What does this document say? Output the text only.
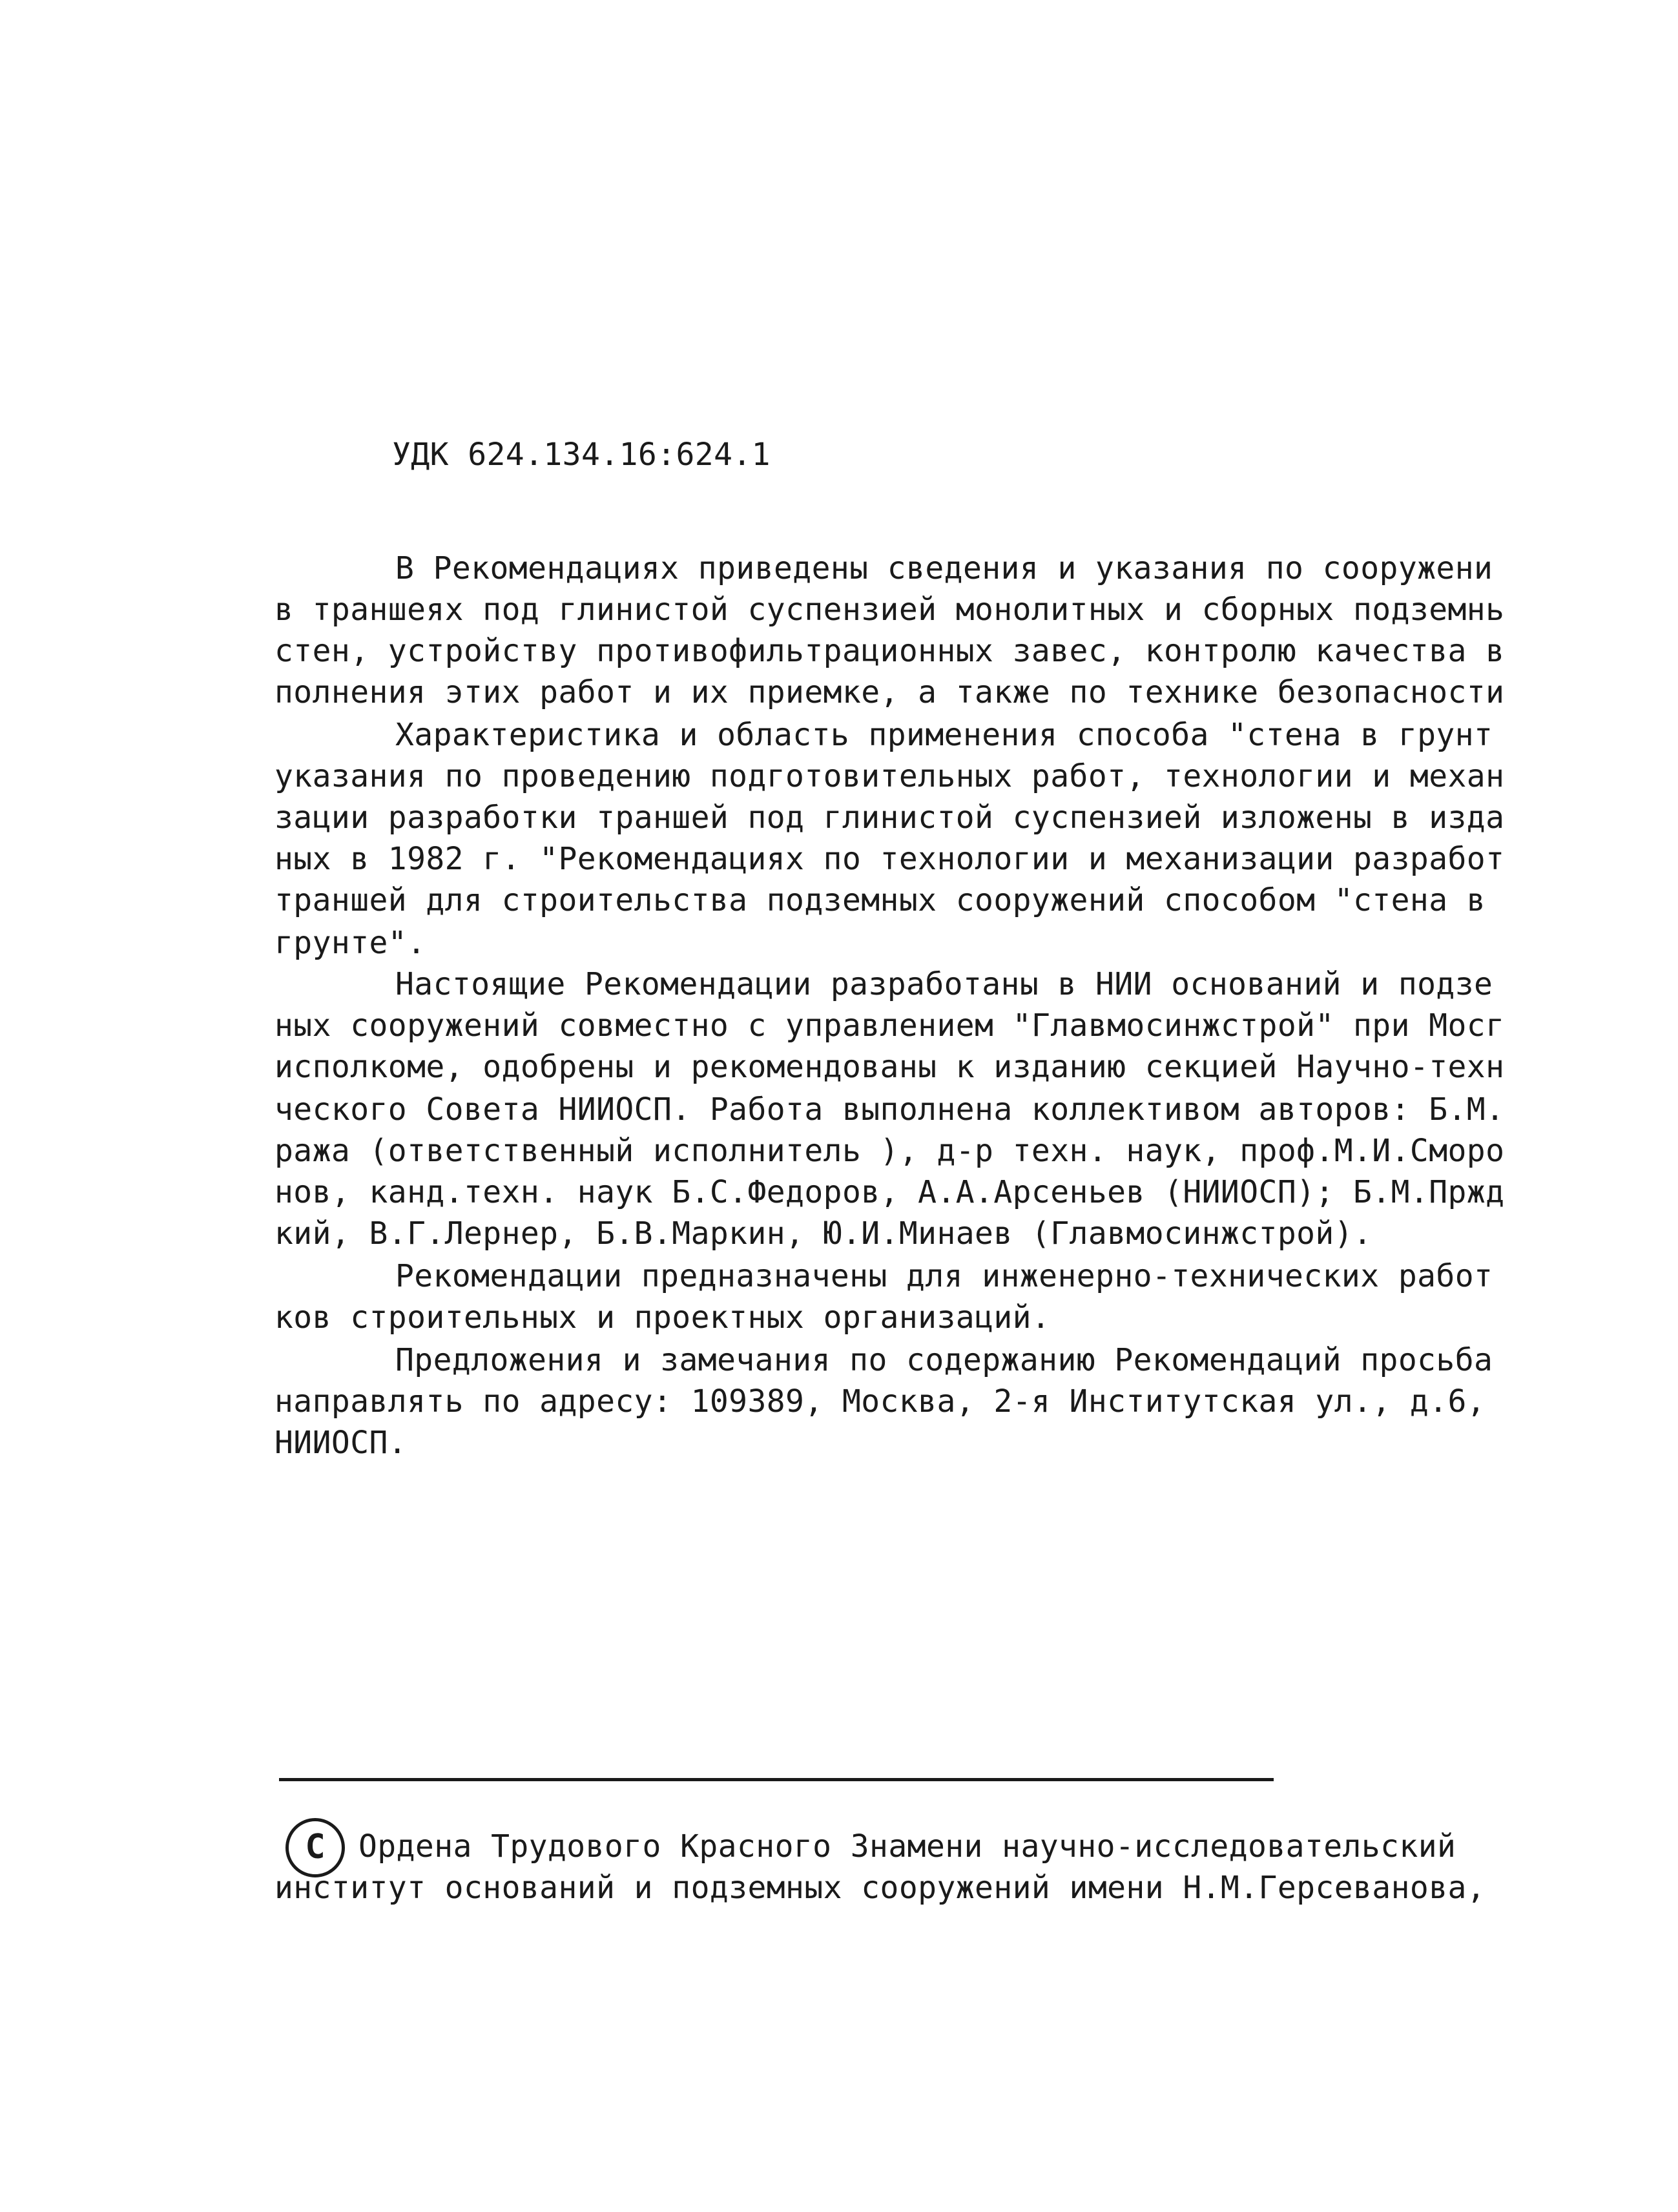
УДК 624.134.16:624.1
В Рекомендациях приведены сведения и указания по сооружени
в траншеях под глинистой суспензией монолитных и сборных подземнь
стен, устройству противофильтрационных завес, контролю качества в
полнения этих работ и их приемке, а также по технике безопасности
Характеристика и область применения способа "стена в грунт
указания по проведению подготовительных работ, технологии и механ
зации разработки траншей под глинистой суспензией изложены в изда
ных в 1982 г. "Рекомендациях по технологии и механизации разработ
траншей для строительства подземных сооружений способом "стена в
грунте".
Настоящие Рекомендации разработаны в НИИ оснований и подзе
ных сооружений совместно с управлением "Главмосинжстрой" при Мосг
исполкоме, одобрены и рекомендованы к изданию секцией Научно-техн
ческого Совета НИИОСП. Работа выполнена коллективом авторов: Б.М.
ража (ответственный исполнитель ), д-р техн. наук, проф.М.И.Сморо
нов, канд.техн. наук Б.С.Федоров, А.А.Арсеньев (НИИОСП); Б.М.Пржд
кий, В.Г.Лернер, Б.В.Маркин, Ю.И.Минаев (Главмосинжстрой).
Рекомендации предназначены для инженерно-технических работ
ков строительных и проектных организаций.
Предложения и замечания по содержанию Рекомендаций просьба
направлять по адресу: 109389, Москва, 2-я Институтская ул., д.6,
НИИОСП.
С	Ордена Трудового Красного Знамени научно-исследовательский
институт оснований и подземных сооружений имени Н.М.Герсеванова,
